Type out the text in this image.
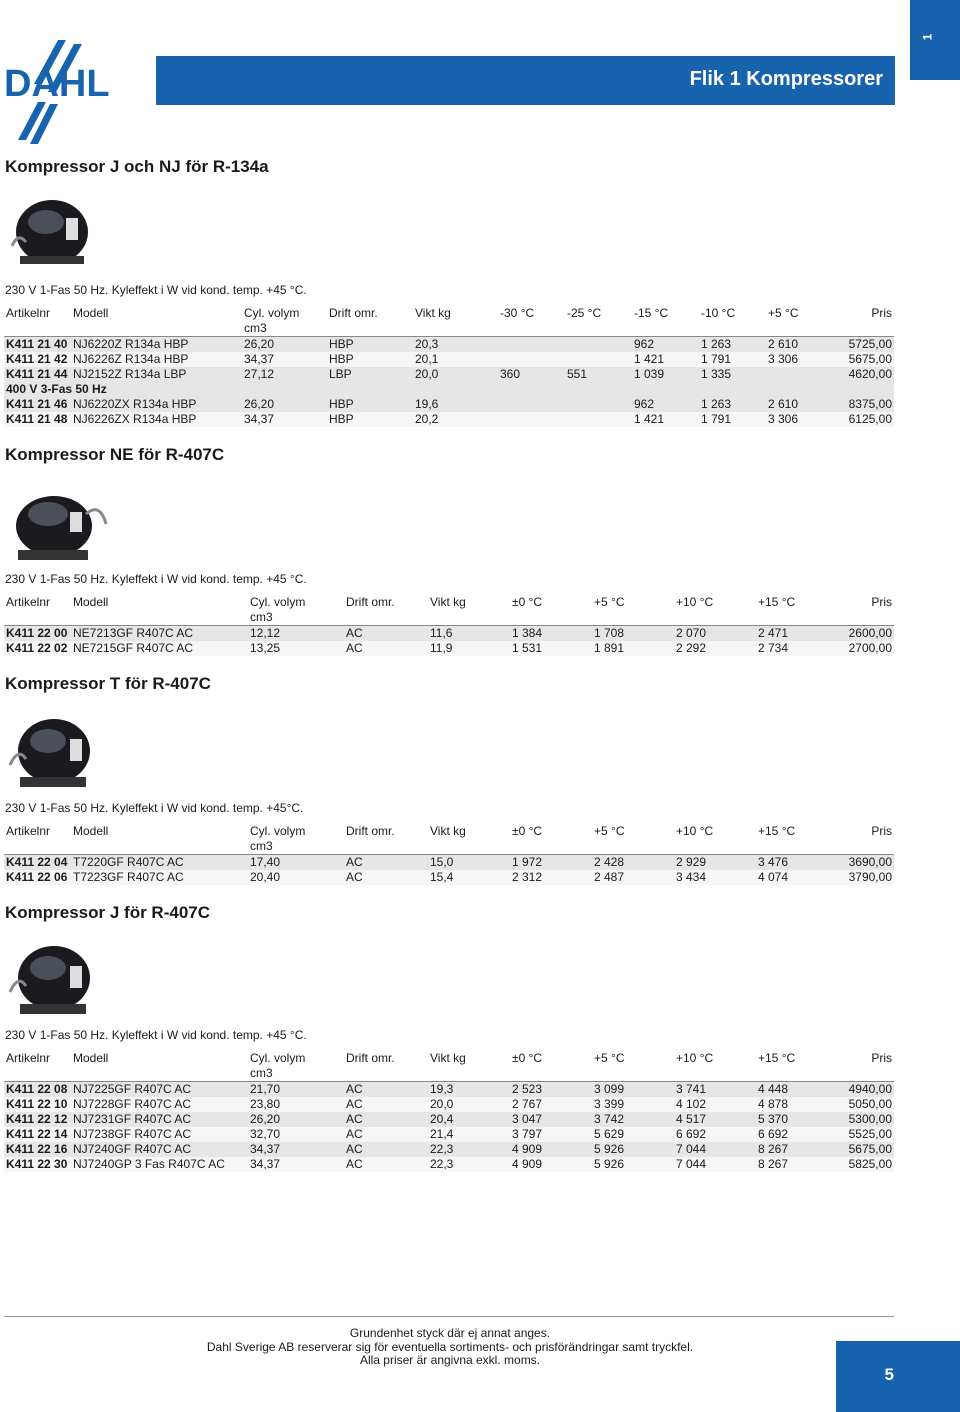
DAHL	Flik 1 Kompressorer
1
Kompressor J och NJ för R-134a
230 V 1-Fas 50 Hz. Kyleffekt i W vid kond. temp. +45 °C.
Artikelnr	Modell	Cyl. volym
cm3	Drift omr.	Vikt kg	-30 °C	-25 °C	-15 °C	-10 °C	+5 °C	Pris
K411 21 40	NJ6220Z R134a HBP	26,20	HBP	20,3			962	1 263	2 610	5725,00
K411 21 42	NJ6226Z R134a HBP	34,37	HBP	20,1			1 421	1 791	3 306	5675,00
K411 21 44	NJ2152Z R134a LBP	27,12	LBP	20,0	360	551	1 039	1 335		4620,00
400 V 3-Fas 50 Hz										
K411 21 46	NJ6220ZX R134a HBP	26,20	HBP	19,6			962	1 263	2 610	8375,00
K411 21 48	NJ6226ZX R134a HBP	34,37	HBP	20,2			1 421	1 791	3 306	6125,00
Kompressor NE för R-407C
230 V 1-Fas 50 Hz. Kyleffekt i W vid kond. temp. +45 °C.
Artikelnr	Modell	Cyl. volym
cm3	Drift omr.	Vikt kg	±0 °C	+5 °C	+10 °C	+15 °C	Pris
K411 22 00	NE7213GF R407C AC	12,12	AC	11,6	1 384	1 708	2 070	2 471	2600,00
K411 22 02	NE7215GF R407C AC	13,25	AC	11,9	1 531	1 891	2 292	2 734	2700,00
Kompressor T för R-407C
230 V 1-Fas 50 Hz. Kyleffekt i W vid kond. temp. +45°C.
Artikelnr	Modell	Cyl. volym
cm3	Drift omr.	Vikt kg	±0 °C	+5 °C	+10 °C	+15 °C	Pris
K411 22 04	T7220GF R407C AC	17,40	AC	15,0	1 972	2 428	2 929	3 476	3690,00
K411 22 06	T7223GF R407C AC	20,40	AC	15,4	2 312	2 487	3 434	4 074	3790,00
Kompressor J för R-407C
230 V 1-Fas 50 Hz. Kyleffekt i W vid kond. temp. +45 °C.
Artikelnr	Modell	Cyl. volym
cm3	Drift omr.	Vikt kg	±0 °C	+5 °C	+10 °C	+15 °C	Pris
K411 22 08	NJ7225GF R407C AC	21,70	AC	19,3	2 523	3 099	3 741	4 448	4940,00
K411 22 10	NJ7228GF R407C AC	23,80	AC	20,0	2 767	3 399	4 102	4 878	5050,00
K411 22 12	NJ7231GF R407C AC	26,20	AC	20,4	3 047	3 742	4 517	5 370	5300,00
K411 22 14	NJ7238GF R407C AC	32,70	AC	21,4	3 797	5 629	6 692	6 692	5525,00
K411 22 16	NJ7240GF R407C AC	34,37	AC	22,3	4 909	5 926	7 044	8 267	5675,00
K411 22 30	NJ7240GP 3 Fas R407C AC	34,37	AC	22,3	4 909	5 926	7 044	8 267	5825,00
Grundenhet styck där ej annat anges.
Dahl Sverige AB reserverar sig för eventuella sortiments- och prisförändringar samt tryckfel.
Alla priser är angivna exkl. moms.
5
